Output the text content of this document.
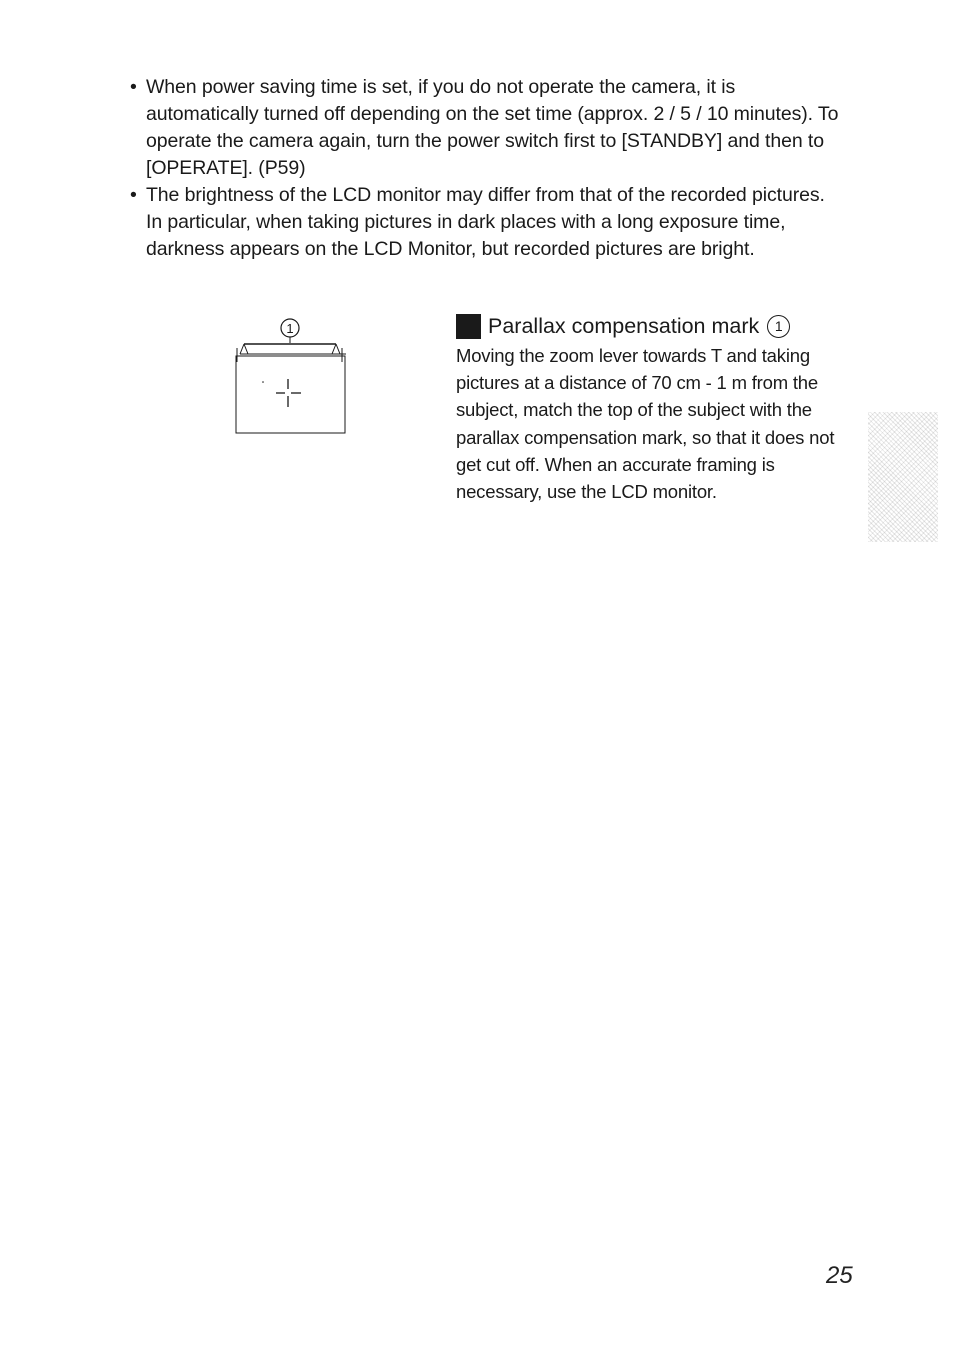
• When power saving time is set, if you do not operate the camera, it is automatically turned off depending on the set time (approx. 2 / 5 / 10 minutes). To operate the camera again, turn the power switch first to [STANDBY] and then to [OPERATE]. (P59)
• The brightness of the LCD monitor may differ from that of the recorded pictures. In particular, when taking pictures in dark places with a long exposure time, darkness appears on the LCD Monitor, but recorded pictures are bright.
1	Parallax compensation mark	1

Moving the zoom lever towards T and taking pictures at a distance of 70 cm - 1 m from the subject, match the top of the subject with the parallax compensation mark, so that it does not get cut off. When an accurate framing is necessary, use the LCD monitor.

25
